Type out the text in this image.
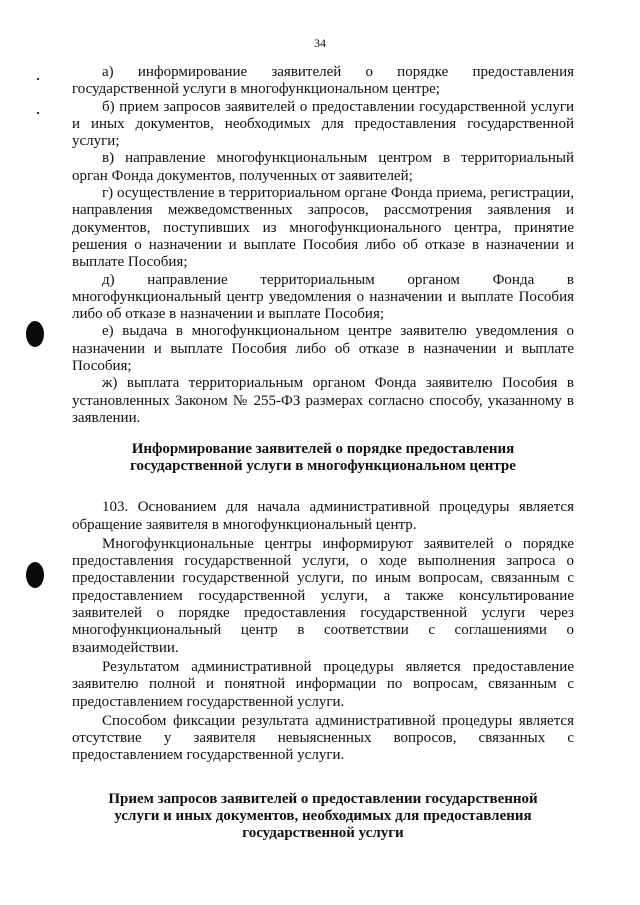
34

а) информирование заявителей о порядке предоставления государственной услуги в многофункциональном центре;

б) прием запросов заявителей о предоставлении государственной услуги и иных документов, необходимых для предоставления государственной услуги;

в) направление многофункциональным центром в территориальный орган Фонда документов, полученных от заявителей;

г) осуществление в территориальном органе Фонда приема, регистрации, направления межведомственных запросов, рассмотрения заявления и документов, поступивших из многофункционального центра, принятие решения о назначении и выплате Пособия либо об отказе в назначении и выплате Пособия;

д) направление территориальным органом Фонда в многофункциональный центр уведомления о назначении и выплате Пособия либо об отказе в назначении и выплате Пособия;

е) выдача в многофункциональном центре заявителю уведомления о назначении и выплате Пособия либо об отказе в назначении и выплате Пособия;

ж) выплата территориальным органом Фонда заявителю Пособия в установленных Законом № 255-ФЗ размерах согласно способу, указанному в заявлении.

Информирование заявителей о порядке предоставления государственной услуги в многофункциональном центре

103. Основанием для начала административной процедуры является обращение заявителя в многофункциональный центр.

Многофункциональные центры информируют заявителей о порядке предоставления государственной услуги, о ходе выполнения запроса о предоставлении государственной услуги, по иным вопросам, связанным с предоставлением государственной услуги, а также консультирование заявителей о порядке предоставления государственной услуги через многофункциональный центр в соответствии с соглашениями о взаимодействии.

Результатом административной процедуры является предоставление заявителю полной и понятной информации по вопросам, связанным с предоставлением государственной услуги.

Способом фиксации результата административной процедуры является отсутствие у заявителя невыясненных вопросов, связанных с предоставлением государственной услуги.

Прием запросов заявителей о предоставлении государственной услуги и иных документов, необходимых для предоставления государственной услуги
